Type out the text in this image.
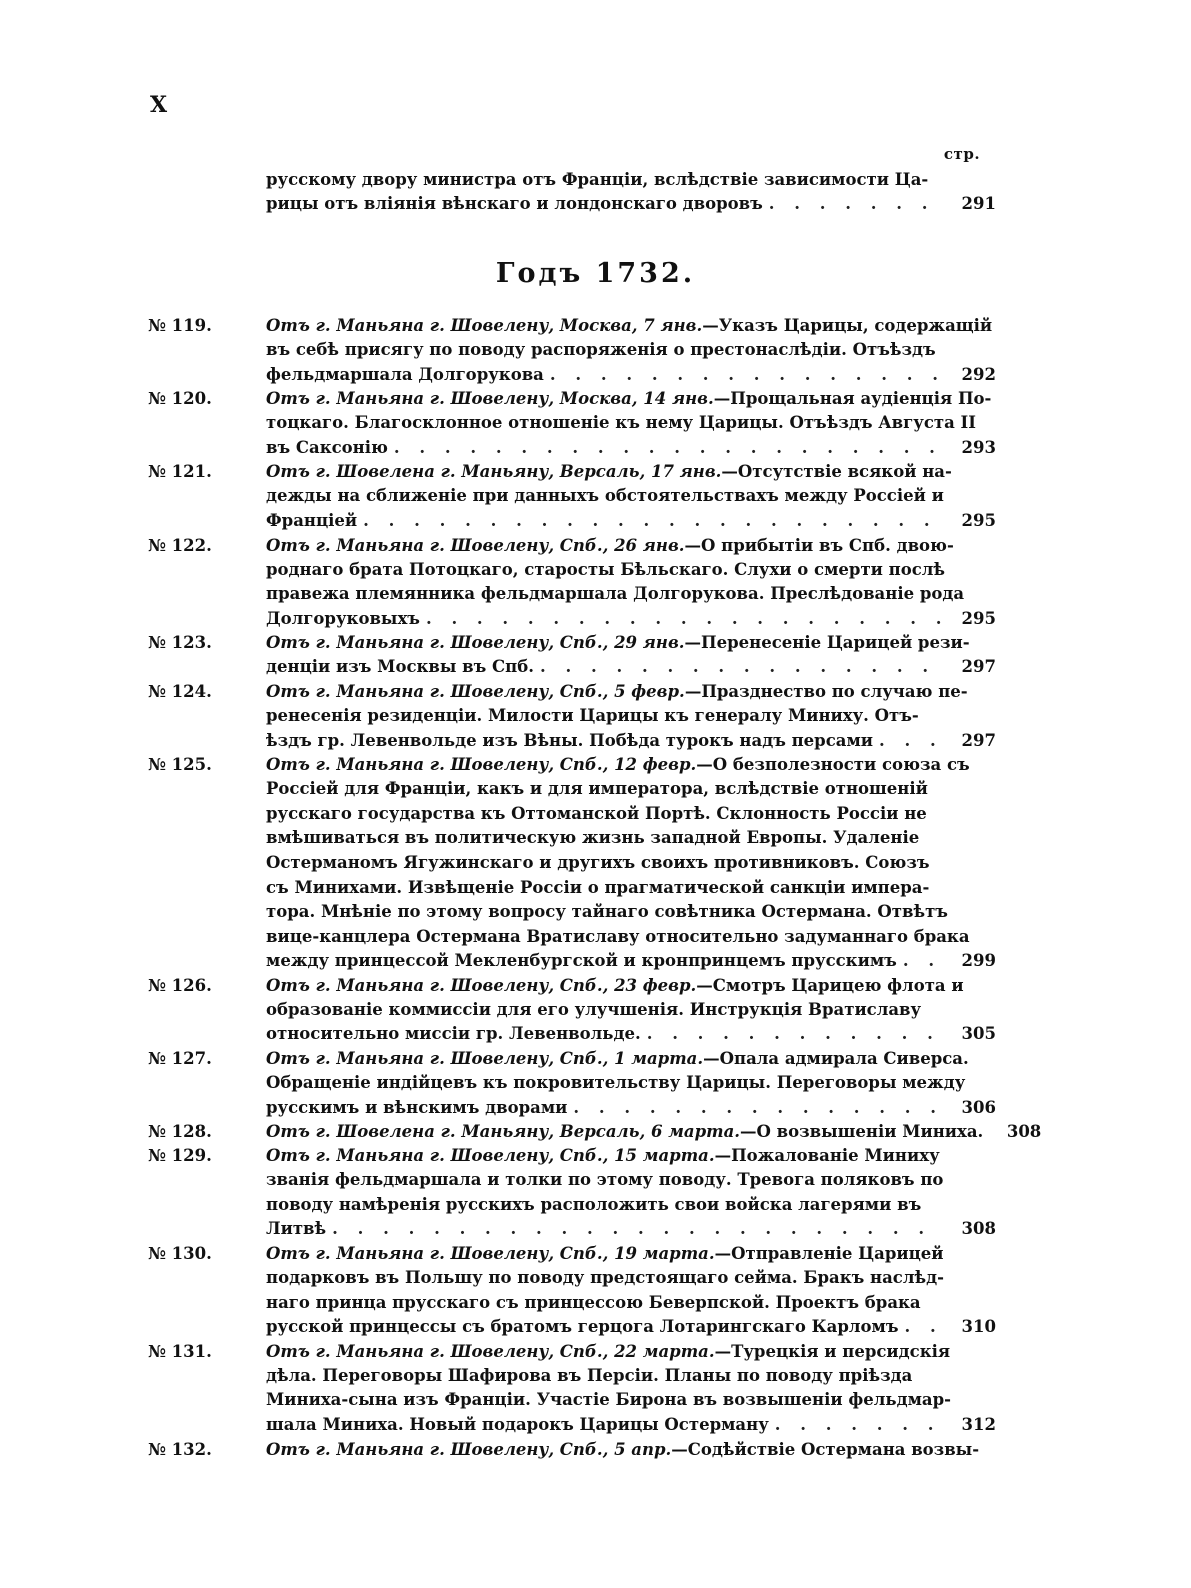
X
стр.
русскому двору министра отъ Франціи, вслѣдствіе зависимости Ца-
рицы отъ вліянія вѣнскаго и лондонскаго дворовъ . . .	291
Годъ 1732.
№ 119.	Отъ г. Маньяна г. Шовелену, Москва, 7 янв. —Указъ Царицы, содержащій
въ себѣ присягу по поводу распоряженія о престонаслѣдіи. Отъѣздъ
фельдмаршала Долгорукова . . .	292
№ 120.	Отъ г. Маньяна г. Шовелену, Москва, 14 янв. —Прощальная аудіенція По-
тоцкаго. Благосклонное отношеніе къ нему Царицы. Отъѣздъ Августа II
въ Саксонію . . .	293
№ 121.	Отъ г. Шовелена г. Маньяну, Версаль, 17 янв. —Отсутствіе всякой на-
дежды на сближеніе при данныхъ обстоятельствахъ между Россіей и
Франціей . . .	295
№ 122.	Отъ г. Маньяна г. Шовелену, Спб., 26 янв. —О прибытіи въ Спб. двою-
роднаго брата Потоцкаго, старосты Бѣльскаго. Слухи о смерти послѣ
правежа племянника фельдмаршала Долгорукова. Преслѣдованіе рода
Долгоруковыхъ . . .	295
№ 123.	Отъ г. Маньяна г. Шовелену, Спб., 29 янв. —Перенесеніе Царицей рези-
денціи изъ Москвы въ Спб. . . .	297
№ 124.	Отъ г. Маньяна г. Шовелену, Спб., 5 февр. —Празднество по случаю пе-
ренесенія резиденціи. Милости Царицы къ генералу Миниху. Отъ-
ѣздъ гр. Левенвольде изъ Вѣны. Побѣда турокъ надъ персами . . .	297
№ 125.	Отъ г. Маньяна г. Шовелену, Спб., 12 февр. —О безполезности союза съ
Россіей для Франціи, какъ и для императора, вслѣдствіе отношеній
русскаго государства къ Оттоманской Портѣ. Склонность Россіи не
вмѣшиваться въ политическую жизнь западной Европы. Удаленіе
Остерманомъ Ягужинскаго и другихъ своихъ противниковъ. Союзъ
съ Минихами. Извѣщеніе Россіи о прагматической санкціи импера-
тора. Мнѣніе по этому вопросу тайнаго совѣтника Остермана. Отвѣтъ
вице-канцлера Остермана Вратиславу относительно задуманнаго брака
между принцессой Мекленбургской и кронпринцемъ прусскимъ . . .	299
№ 126.	Отъ г. Маньяна г. Шовелену, Спб., 23 февр. —Смотръ Царицею флота и
образованіе коммиссіи для его улучшенія. Инструкція Вратиславу
относительно миссіи гр. Левенвольде. . . .	305
№ 127.	Отъ г. Маньяна г. Шовелену, Спб., 1 марта. —Опала адмирала Сиверса.
Обращеніе индійцевъ къ покровительству Царицы. Переговоры между
русскимъ и вѣнскимъ дворами . . .	306
№ 128.	Отъ г. Шовелена г. Маньяну, Версаль, 6 марта. —О возвышеніи Миниха.	308
№ 129.	Отъ г. Маньяна г. Шовелену, Спб., 15 марта. —Пожалованіе Миниху
званія фельдмаршала и толки по этому поводу. Тревога поляковъ по
поводу намѣренія русскихъ расположить свои войска лагерями въ
Литвѣ . . .	308
№ 130.	Отъ г. Маньяна г. Шовелену, Спб., 19 марта. —Отправленіе Царицей
подарковъ въ Польшу по поводу предстоящаго сейма. Бракъ наслѣд-
наго принца прусскаго съ принцессою Беверпской. Проектъ брака
русской принцессы съ братомъ герцога Лотарингскаго Карломъ . . .	310
№ 131.	Отъ г. Маньяна г. Шовелену, Спб., 22 марта. —Турецкія и персидскія
дѣла. Переговоры Шафирова въ Персіи. Планы по поводу пріѣзда
Миниха-сына изъ Франціи. Участіе Бирона въ возвышеніи фельдмар-
шала Миниха. Новый подарокъ Царицы Остерману . . .	312
№ 132.	Отъ г. Маньяна г. Шовелену, Спб., 5 апр. —Содѣйствіе Остермана возвы-
